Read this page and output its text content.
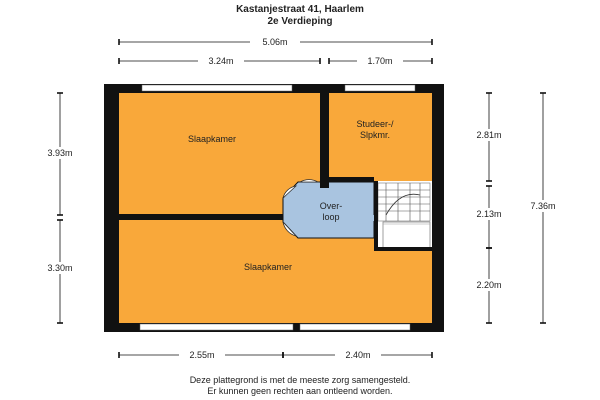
Kastanjestraat 41, Haarlem
2e Verdieping
Slaapkamer
Studeer-/
Slpkmr.
Over-
loop
Slaapkamer
5.06m
3.24m	1.70m
3.93m
3.30m
2.81m
2.13m
2.20m
7.36m
2.55m	2.40m
Deze plattegrond is met de meeste zorg samengesteld.
Er kunnen geen rechten aan ontleend worden.
